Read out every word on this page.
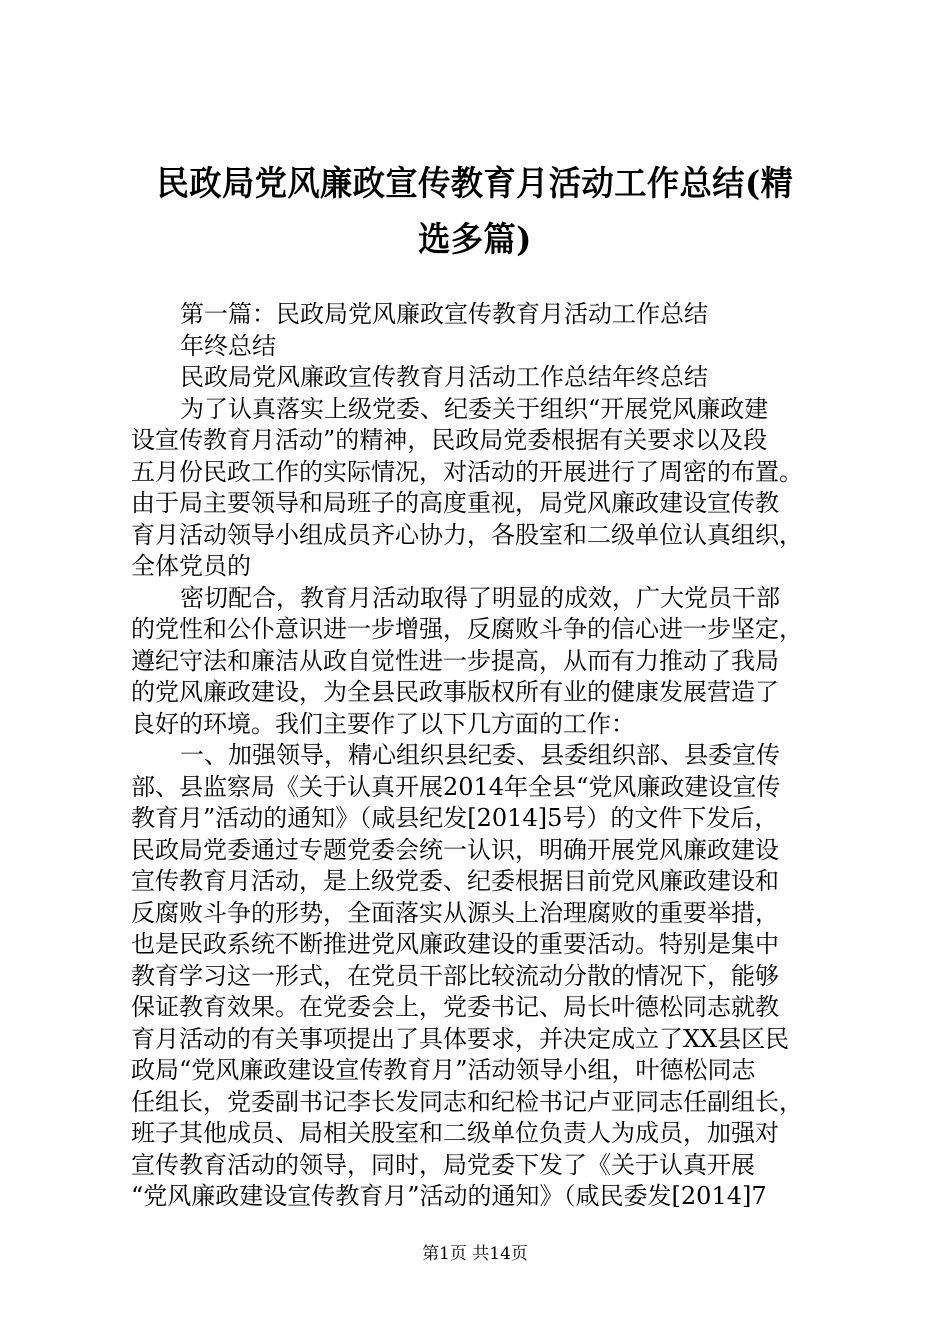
民政局党风廉政宣传教育月活动工作总结(精
选多篇)
第一篇：民政局党风廉政宣传教育月活动工作总结
年终总结
民政局党风廉政宣传教育月活动工作总结年终总结
为了认真落实上级党委、纪委关于组织“开展党风廉政建
设宣传教育月活动”的精神，民政局党委根据有关要求以及段
五月份民政工作的实际情况，对活动的开展进行了周密的布置。
由于局主要领导和局班子的高度重视，局党风廉政建设宣传教
育月活动领导小组成员齐心协力，各股室和二级单位认真组织，
全体党员的
密切配合，教育月活动取得了明显的成效，广大党员干部
的党性和公仆意识进一步增强，反腐败斗争的信心进一步坚定，
遵纪守法和廉洁从政自觉性进一步提高，从而有力推动了我局
的党风廉政建设，为全县民政事版权所有业的健康发展营造了
良好的环境。我们主要作了以下几方面的工作：
一、加强领导，精心组织县纪委、县委组织部、县委宣传
部、县监察局《关于认真开展2014年全县“党风廉政建设宣传
教育月”活动的通知》（咸县纪发[2014]5号）的文件下发后，
民政局党委通过专题党委会统一认识，明确开展党风廉政建设
宣传教育月活动，是上级党委、纪委根据目前党风廉政建设和
反腐败斗争的形势，全面落实从源头上治理腐败的重要举措，
也是民政系统不断推进党风廉政建设的重要活动。特别是集中
教育学习这一形式，在党员干部比较流动分散的情况下，能够
保证教育效果。在党委会上，党委书记、局长叶德松同志就教
育月活动的有关事项提出了具体要求，并决定成立了XX县区民
政局“党风廉政建设宣传教育月”活动领导小组，叶德松同志
任组长，党委副书记李长发同志和纪检书记卢亚同志任副组长，
班子其他成员、局相关股室和二级单位负责人为成员，加强对
宣传教育活动的领导，同时，局党委下发了《关于认真开展
“党风廉政建设宣传教育月”活动的通知》（咸民委发[2014]7
第1页 共14页
